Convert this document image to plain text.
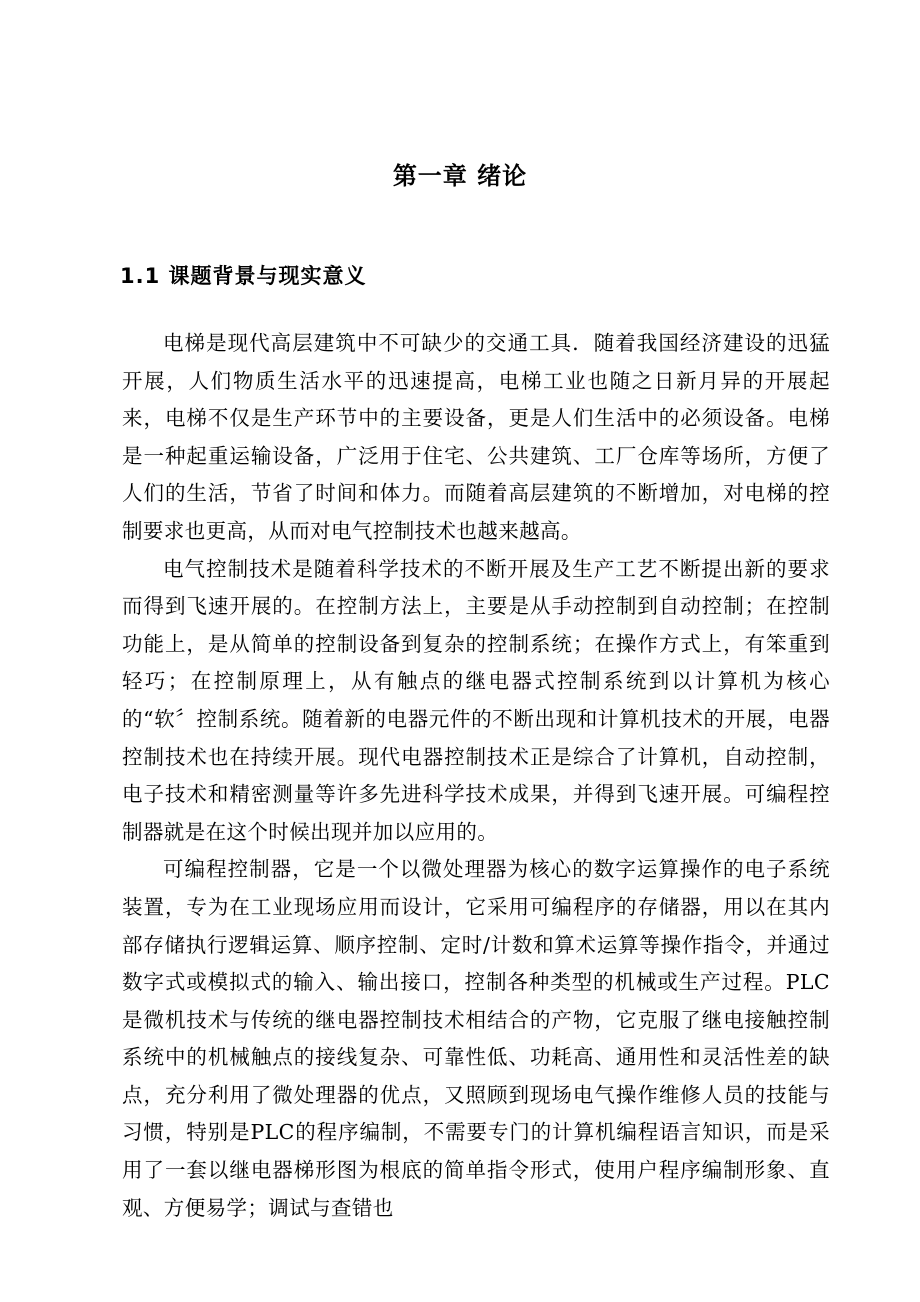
第一章 绪论
1.1 课题背景与现实意义

电梯是现代高层建筑中不可缺少的交通工具．随着我国经济建设的迅猛开展，人们物质生活水平的迅速提高，电梯工业也随之日新月异的开展起来，电梯不仅是生产环节中的主要设备，更是人们生活中的必须设备。电梯是一种起重运输设备，广泛用于住宅、公共建筑、工厂仓库等场所，方便了人们的生活，节省了时间和体力。而随着高层建筑的不断增加，对电梯的控制要求也更高，从而对电气控制技术也越来越高。

电气控制技术是随着科学技术的不断开展及生产工艺不断提出新的要求而得到飞速开展的。在控制方法上，主要是从手动控制到自动控制；在控制功能上，是从简单的控制设备到复杂的控制系统；在操作方式上，有笨重到轻巧；在控制原理上，从有触点的继电器式控制系统到以计算机为核心的“软〞控制系统。随着新的电器元件的不断出现和计算机技术的开展，电器控制技术也在持续开展。现代电器控制技术正是综合了计算机，自动控制，电子技术和精密测量等许多先进科学技术成果，并得到飞速开展。可编程控制器就是在这个时候出现并加以应用的。

可编程控制器，它是一个以微处理器为核心的数字运算操作的电子系统装置，专为在工业现场应用而设计，它采用可编程序的存储器，用以在其内部存储执行逻辑运算、顺序控制、定时/计数和算术运算等操作指令，并通过数字式或模拟式的输入、输出接口，控制各种类型的机械或生产过程。PLC是微机技术与传统的继电器控制技术相结合的产物，它克服了继电接触控制系统中的机械触点的接线复杂、可靠性低、功耗高、通用性和灵活性差的缺点，充分利用了微处理器的优点，又照顾到现场电气操作维修人员的技能与习惯，特别是PLC的程序编制，不需要专门的计算机编程语言知识，而是采用了一套以继电器梯形图为根底的简单指令形式，使用户程序编制形象、直观、方便易学；调试与查错也
